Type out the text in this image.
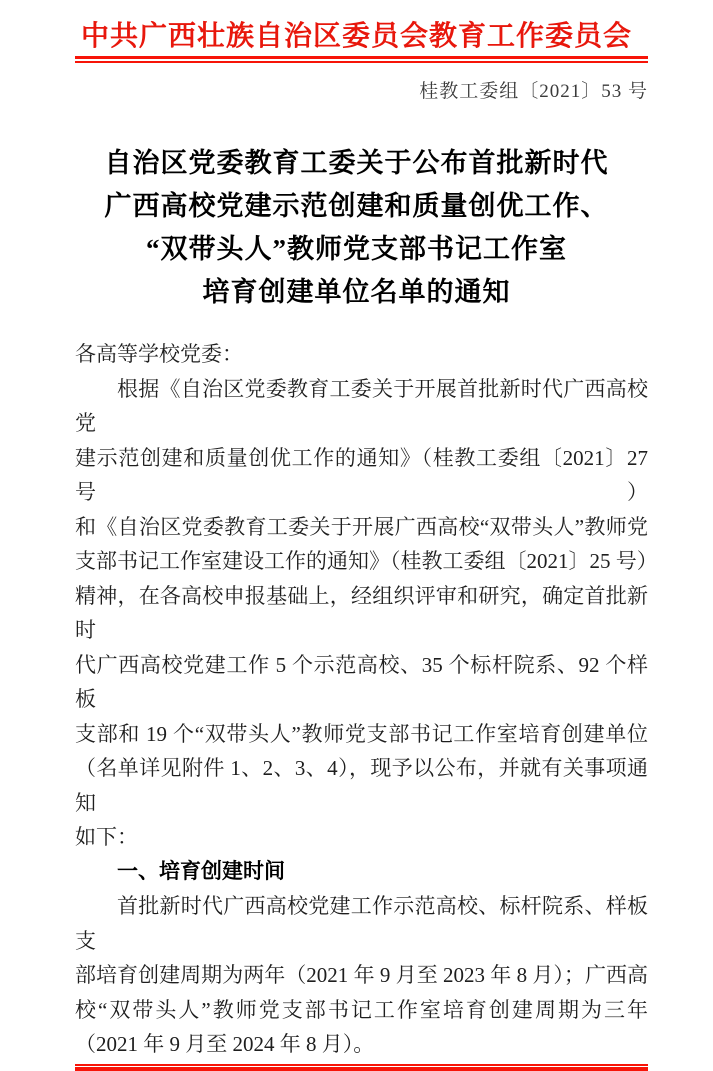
中共广西壮族自治区委员会教育工作委员会
桂教工委组〔2021〕53 号
自治区党委教育工委关于公布首批新时代
广西高校党建示范创建和质量创优工作、
“双带头人”教师党支部书记工作室
培育创建单位名单的通知

各高等学校党委：

根据《自治区党委教育工委关于开展首批新时代广西高校党

建示范创建和质量创优工作的通知》（桂教工委组〔2021〕27 号）

和《自治区党委教育工委关于开展广西高校“双带头人”教师党

支部书记工作室建设工作的通知》（桂教工委组〔2021〕25 号）

精神，在各高校申报基础上，经组织评审和研究，确定首批新时

代广西高校党建工作 5 个示范高校、35 个标杆院系、92 个样板

支部和 19 个“双带头人”教师党支部书记工作室培育创建单位

（名单详见附件 1、2、3、4），现予以公布，并就有关事项通知

如下：

一、培育创建时间

首批新时代广西高校党建工作示范高校、标杆院系、样板支

部培育创建周期为两年（2021 年 9 月至 2023 年 8 月）；广西高

校“双带头人”教师党支部书记工作室培育创建周期为三年

（2021 年 9 月至 2024 年 8 月）。
